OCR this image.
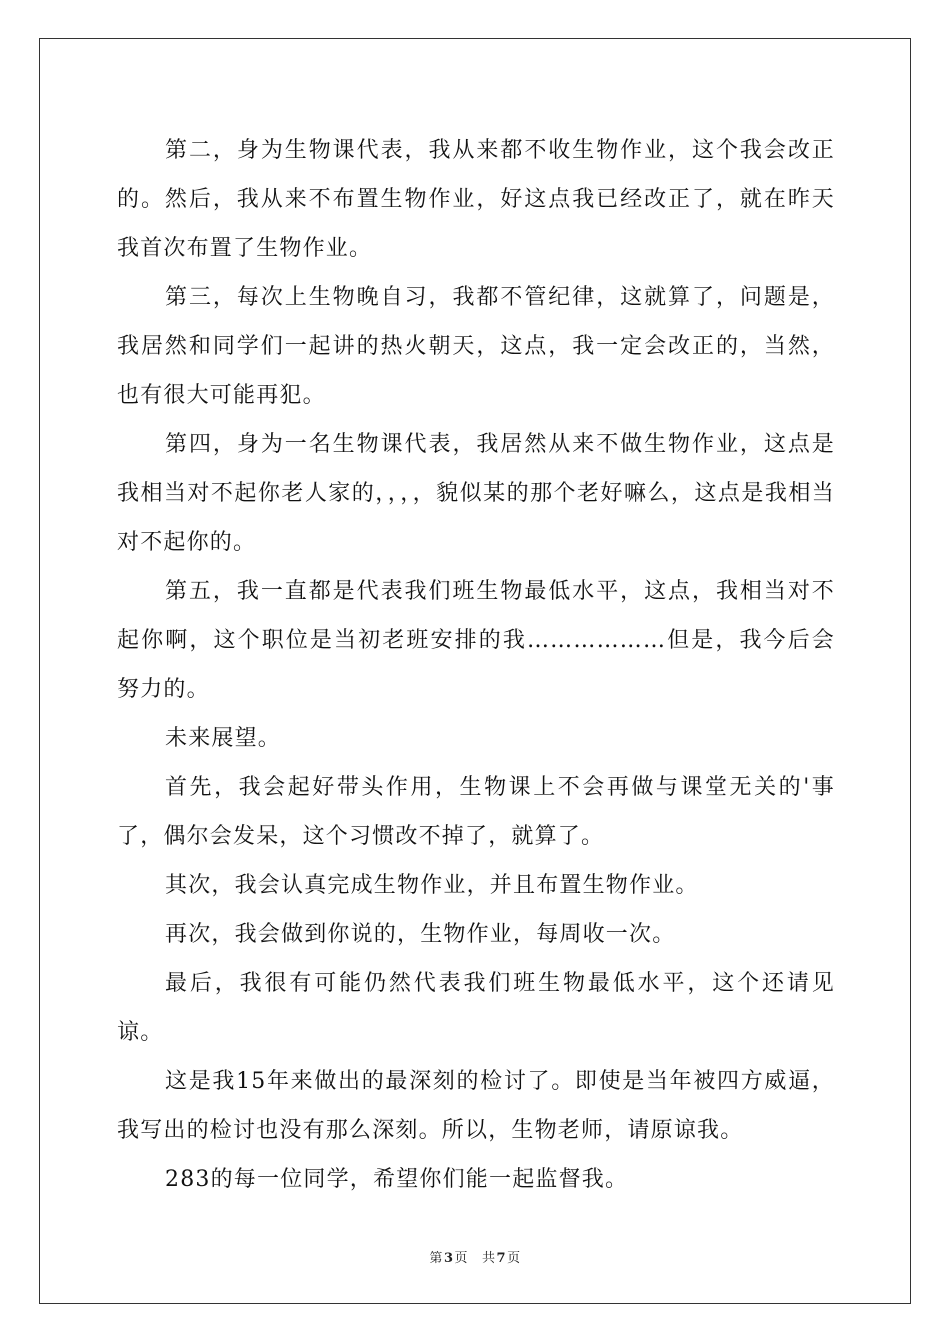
第二，身为生物课代表，我从来都不收生物作业，这个我会改正的。然后，我从来不布置生物作业，好这点我已经改正了，就在昨天我首次布置了生物作业。

第三，每次上生物晚自习，我都不管纪律，这就算了，问题是，我居然和同学们一起讲的热火朝天，这点，我一定会改正的，当然，也有很大可能再犯。

第四，身为一名生物课代表，我居然从来不做生物作业，这点是我相当对不起你老人家的，，，，貌似某的那个老好嘛么，这点是我相当对不起你的。

第五，我一直都是代表我们班生物最低水平，这点，我相当对不起你啊，这个职位是当初老班安排的我………………但是，我今后会努力的。

未来展望。

首先，我会起好带头作用，生物课上不会再做与课堂无关的'事了，偶尔会发呆，这个习惯改不掉了，就算了。

其次，我会认真完成生物作业，并且布置生物作业。

再次，我会做到你说的，生物作业，每周收一次。

最后，我很有可能仍然代表我们班生物最低水平，这个还请见谅。

这是我15年来做出的最深刻的检讨了。即使是当年被四方威逼，我写出的检讨也没有那么深刻。所以，生物老师，请原谅我。

283的每一位同学，希望你们能一起监督我。

第3页 共7页
